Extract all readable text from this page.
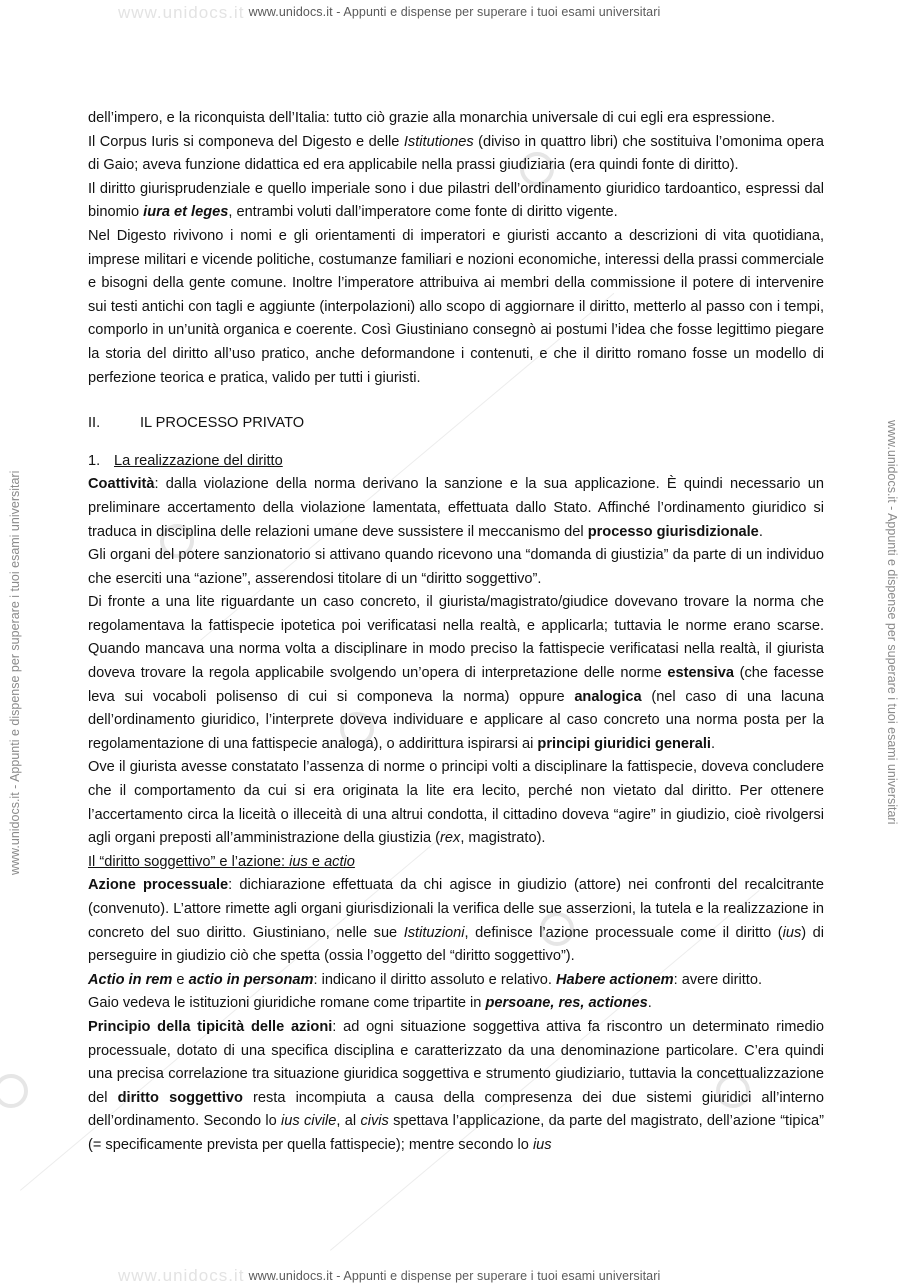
www.unidocs.it
www.unidocs.it
www.unidocs.it - Appunti e dispense per superare i tuoi esami universitari
www.unidocs.it - Appunti e dispense per superare i tuoi esami universitari
www.unidocs.it - Appunti e dispense per superare i tuoi esami universitari	www.unidocs.it - Appunti e dispense per superare i tuoi esami universitari

dell’impero, e la riconquista dell’Italia: tutto ciò grazie alla monarchia universale di cui egli era espressione.

Il Corpus Iuris si componeva del Digesto e delle Istitutiones (diviso in quattro libri) che sostituiva l’omonima opera di Gaio; aveva funzione didattica ed era applicabile nella prassi giudiziaria (era quindi fonte di diritto).

Il diritto giurisprudenziale e quello imperiale sono i due pilastri dell’ordinamento giuridico tardoantico, espressi dal binomio iura et leges, entrambi voluti dall’imperatore come fonte di diritto vigente.

Nel Digesto rivivono i nomi e gli orientamenti di imperatori e giuristi accanto a descrizioni di vita quotidiana, imprese militari e vicende politiche, costumanze familiari e nozioni economiche, interessi della prassi commerciale e bisogni della gente comune. Inoltre l’imperatore attribuiva ai membri della commissione il potere di intervenire sui testi antichi con tagli e aggiunte (interpolazioni) allo scopo di aggiornare il diritto, metterlo al passo con i tempi, comporlo in un’unità organica e coerente. Così Giustiniano consegnò ai postumi l’idea che fosse legittimo piegare la storia del diritto all’uso pratico, anche deformandone i contenuti, e che il diritto romano fosse un modello di perfezione teorica e pratica, valido per tutti i giuristi.

II.	IL PROCESSO PRIVATO

1. La realizzazione del diritto

Coattività: dalla violazione della norma derivano la sanzione e la sua applicazione. È quindi necessario un preliminare accertamento della violazione lamentata, effettuata dallo Stato. Affinché l’ordinamento giuridico si traduca in disciplina delle relazioni umane deve sussistere il meccanismo del processo giurisdizionale.

Gli organi del potere sanzionatorio si attivano quando ricevono una “domanda di giustizia” da parte di un individuo che eserciti una “azione”, asserendosi titolare di un “diritto soggettivo”.

Di fronte a una lite riguardante un caso concreto, il giurista/magistrato/giudice dovevano trovare la norma che regolamentava la fattispecie ipotetica poi verificatasi nella realtà, e applicarla; tuttavia le norme erano scarse. Quando mancava una norma volta a disciplinare in modo preciso la fattispecie verificatasi nella realtà, il giurista doveva trovare la regola applicabile svolgendo un’opera di interpretazione delle norme estensiva (che facesse leva sui vocaboli polisenso di cui si componeva la norma) oppure analogica (nel caso di una lacuna dell’ordinamento giuridico, l’interprete doveva individuare e applicare al caso concreto una norma posta per la regolamentazione di una fattispecie analoga), o addirittura ispirarsi ai principi giuridici generali.

Ove il giurista avesse constatato l’assenza di norme o principi volti a disciplinare la fattispecie, doveva concludere che il comportamento da cui si era originata la lite era lecito, perché non vietato dal diritto. Per ottenere l’accertamento circa la liceità o illeceità di una altrui condotta, il cittadino doveva “agire” in giudizio, cioè rivolgersi agli organi preposti all’amministrazione della giustizia (rex, magistrato).

Il “diritto soggettivo” e l’azione: ius e actio

Azione processuale: dichiarazione effettuata da chi agisce in giudizio (attore) nei confronti del recalcitrante (convenuto). L’attore rimette agli organi giurisdizionali la verifica delle sue asserzioni, la tutela e la realizzazione in concreto del suo diritto. Giustiniano, nelle sue Istituzioni, definisce l’azione processuale come il diritto (ius) di perseguire in giudizio ciò che spetta (ossia l’oggetto del “diritto soggettivo”).

Actio in rem e actio in personam: indicano il diritto assoluto e relativo. Habere actionem: avere diritto.

Gaio vedeva le istituzioni giuridiche romane come tripartite in persoane, res, actiones.

Principio della tipicità delle azioni: ad ogni situazione soggettiva attiva fa riscontro un determinato rimedio processuale, dotato di una specifica disciplina e caratterizzato da una denominazione particolare. C’era quindi una precisa correlazione tra situazione giuridica soggettiva e strumento giudiziario, tuttavia la concettualizzazione del diritto soggettivo resta incompiuta a causa della compresenza dei due sistemi giuridici all’interno dell’ordinamento. Secondo lo ius civile, al civis spettava l’applicazione, da parte del magistrato, dell’azione “tipica” (= specificamente prevista per quella fattispecie); mentre secondo lo ius
